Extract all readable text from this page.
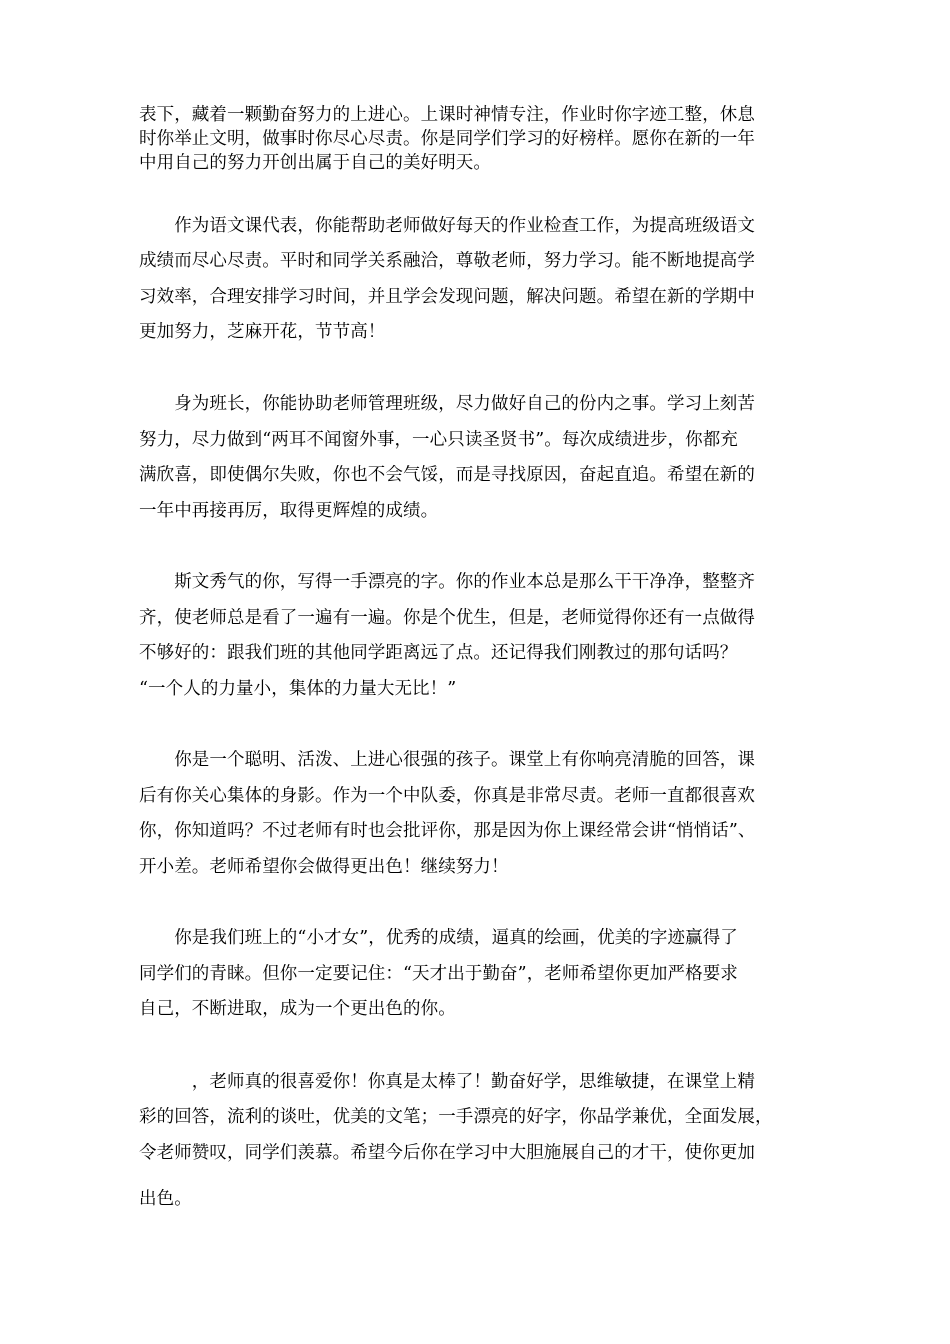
表下，藏着一颗勤奋努力的上进心。上课时神情专注，作业时你字迹工整，休息
时你举止文明，做事时你尽心尽责。你是同学们学习的好榜样。愿你在新的一年
中用自己的努力开创出属于自己的美好明天。
　　作为语文课代表，你能帮助老师做好每天的作业检查工作，为提高班级语文
成绩而尽心尽责。平时和同学关系融洽，尊敬老师，努力学习。能不断地提高学
习效率，合理安排学习时间，并且学会发现问题，解决问题。希望在新的学期中
更加努力，芝麻开花，节节高！
　　身为班长，你能协助老师管理班级，尽力做好自己的份内之事。学习上刻苦
努力，尽力做到“两耳不闻窗外事，一心只读圣贤书”。每次成绩进步，你都充
满欣喜，即使偶尔失败，你也不会气馁，而是寻找原因，奋起直追。希望在新的
一年中再接再厉，取得更辉煌的成绩。
　　斯文秀气的你，写得一手漂亮的字。你的作业本总是那么干干净净，整整齐
齐，使老师总是看了一遍有一遍。你是个优生，但是，老师觉得你还有一点做得
不够好的：跟我们班的其他同学距离远了点。还记得我们刚教过的那句话吗？
“一个人的力量小，集体的力量大无比！”
　　你是一个聪明、活泼、上进心很强的孩子。课堂上有你响亮清脆的回答，课
后有你关心集体的身影。作为一个中队委，你真是非常尽责。老师一直都很喜欢
你，你知道吗？不过老师有时也会批评你，那是因为你上课经常会讲“悄悄话”、
开小差。老师希望你会做得更出色！继续努力！
　　你是我们班上的“小才女”，优秀的成绩，逼真的绘画，优美的字迹赢得了
同学们的青睐。但你一定要记住：“天才出于勤奋”，老师希望你更加严格要求
自己，不断进取，成为一个更出色的你。
　　　，老师真的很喜爱你！你真是太棒了！勤奋好学，思维敏捷，在课堂上精
彩的回答，流利的谈吐，优美的文笔；一手漂亮的好字，你品学兼优，全面发展，
令老师赞叹，同学们羡慕。希望今后你在学习中大胆施展自己的才干，使你更加
出色。
